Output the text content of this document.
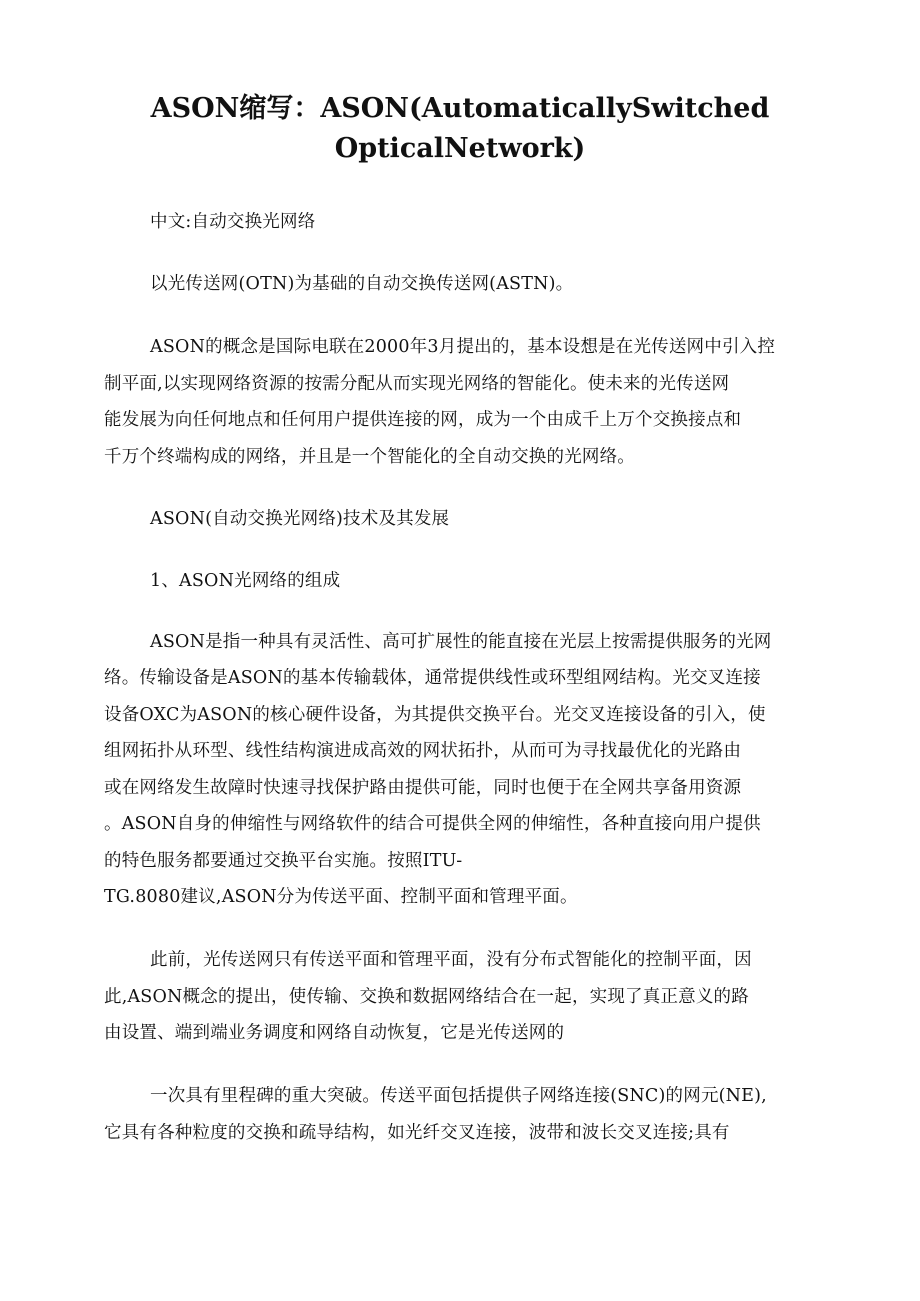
ASON缩写：ASON(AutomaticallySwitched
OpticalNetwork)
中文:自动交换光网络
以光传送网(OTN)为基础的自动交换传送网(ASTN)。
ASON的概念是国际电联在2000年3月提出的，基本设想是在光传送网中引入控
制平面,以实现网络资源的按需分配从而实现光网络的智能化。使未来的光传送网
能发展为向任何地点和任何用户提供连接的网，成为一个由成千上万个交换接点和
千万个终端构成的网络，并且是一个智能化的全自动交换的光网络。
ASON(自动交换光网络)技术及其发展
1、ASON光网络的组成
ASON是指一种具有灵活性、高可扩展性的能直接在光层上按需提供服务的光网
络。传输设备是ASON的基本传输载体，通常提供线性或环型组网结构。光交叉连接
设备OXC为ASON的核心硬件设备，为其提供交换平台。光交叉连接设备的引入，使
组网拓扑从环型、线性结构演进成高效的网状拓扑，从而可为寻找最优化的光路由
或在网络发生故障时快速寻找保护路由提供可能，同时也便于在全网共享备用资源
。ASON自身的伸缩性与网络软件的结合可提供全网的伸缩性，各种直接向用户提供
的特色服务都要通过交换平台实施。按照ITU-
TG.8080建议,ASON分为传送平面、控制平面和管理平面。
此前，光传送网只有传送平面和管理平面，没有分布式智能化的控制平面，因
此,ASON概念的提出，使传输、交换和数据网络结合在一起，实现了真正意义的路
由设置、端到端业务调度和网络自动恢复，它是光传送网的
一次具有里程碑的重大突破。传送平面包括提供子网络连接(SNC)的网元(NE),
它具有各种粒度的交换和疏导结构，如光纤交叉连接，波带和波长交叉连接;具有
